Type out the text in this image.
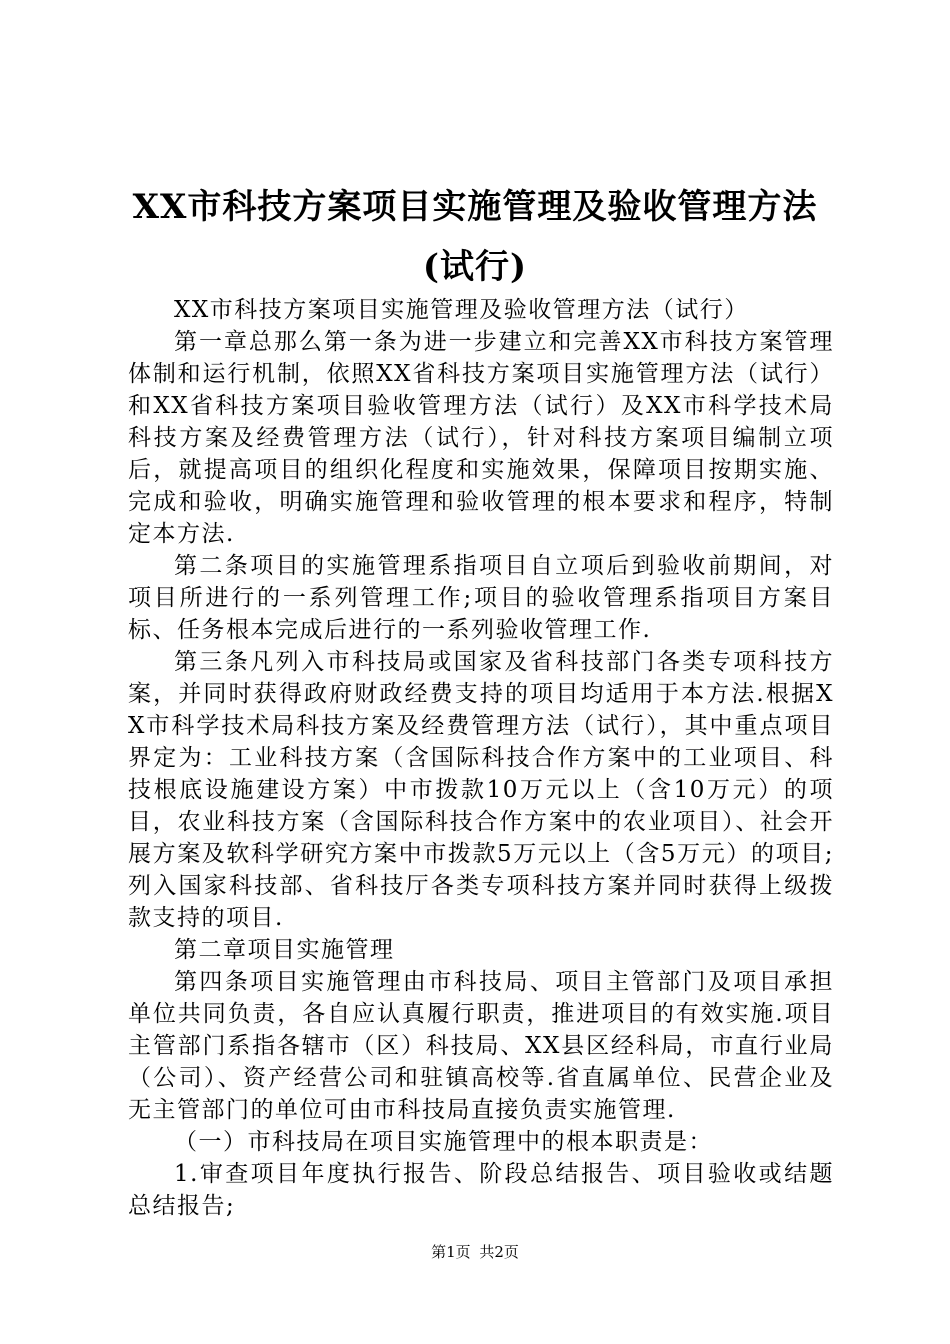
XX市科技方案项目实施管理及验收管理方法
(试行)

XX市科技方案项目实施管理及验收管理方法（试行）

第一章总那么第一条为进一步建立和完善XX市科技方案管理体制和运行机制，依照XX省科技方案项目实施管理方法（试行）和XX省科技方案项目验收管理方法（试行）及XX市科学技术局科技方案及经费管理方法（试行），针对科技方案项目编制立项后，就提高项目的组织化程度和实施效果，保障项目按期实施、完成和验收，明确实施管理和验收管理的根本要求和程序，特制定本方法.

第二条项目的实施管理系指项目自立项后到验收前期间，对项目所进行的一系列管理工作;项目的验收管理系指项目方案目标、任务根本完成后进行的一系列验收管理工作.

第三条凡列入市科技局或国家及省科技部门各类专项科技方案，并同时获得政府财政经费支持的项目均适用于本方法.根据XX市科学技术局科技方案及经费管理方法（试行），其中重点项目界定为：工业科技方案（含国际科技合作方案中的工业项目、科技根底设施建设方案）中市拨款10万元以上（含10万元）的项目，农业科技方案（含国际科技合作方案中的农业项目）、社会开展方案及软科学研究方案中市拨款5万元以上（含5万元）的项目;列入国家科技部、省科技厅各类专项科技方案并同时获得上级拨款支持的项目.

第二章项目实施管理

第四条项目实施管理由市科技局、项目主管部门及项目承担单位共同负责，各自应认真履行职责，推进项目的有效实施.项目主管部门系指各辖市（区）科技局、XX县区经科局，市直行业局（公司）、资产经营公司和驻镇高校等.省直属单位、民营企业及无主管部门的单位可由市科技局直接负责实施管理.

（一）市科技局在项目实施管理中的根本职责是：

1.审查项目年度执行报告、阶段总结报告、项目验收或结题总结报告;

第1页 共2页
